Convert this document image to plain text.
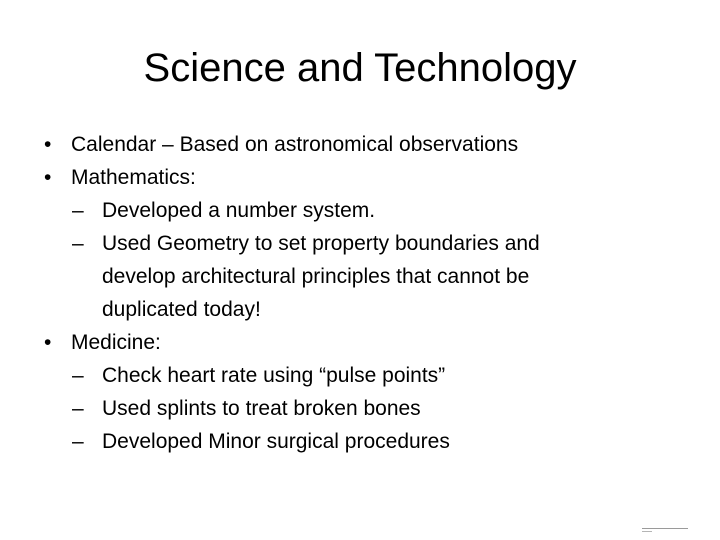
Science and Technology
• Calendar – Based on astronomical observations
• Mathematics:
– Developed a number system.
– Used Geometry to set property boundaries and
develop architectural principles that cannot be
duplicated today!
• Medicine:
– Check heart rate using “pulse points”
– Used splints to treat broken bones
– Developed Minor surgical procedures
